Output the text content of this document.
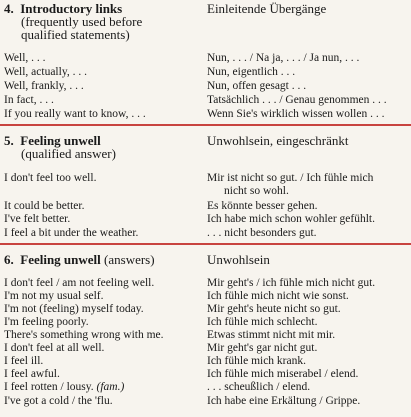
4. Introductory links
(frequently used before
qualified statements)
Einleitende Übergänge
Well, . . .	Nun, . . . / Na ja, . . . / Ja nun, . . .
Well, actually, . . .	Nun, eigentlich . . .
Well, frankly, . . .	Nun, offen gesagt . . .
In fact, . . .	Tatsächlich . . . / Genau genommen . . .
If you really want to know, . . .	Wenn Sie's wirklich wissen wollen . . .
5. Feeling unwell
(qualified answer)
Unwohlsein, eingeschränkt
I don't feel too well.	Mir ist nicht so gut. / Ich fühle mich
nicht so wohl.
It could be better.	Es könnte besser gehen.
I've felt better.	Ich habe mich schon wohler gefühlt.
I feel a bit under the weather.	. . . nicht besonders gut.
6. Feeling unwell (answers)	Unwohlsein
I don't feel / am not feeling well.	Mir geht's / ich fühle mich nicht gut.
I'm not my usual self.	Ich fühle mich nicht wie sonst.
I'm not (feeling) myself today.	Mir geht's heute nicht so gut.
I'm feeling poorly.	Ich fühle mich schlecht.
There's something wrong with me.	Etwas stimmt nicht mit mir.
I don't feel at all well.	Mir geht's gar nicht gut.
I feel ill.	Ich fühle mich krank.
I feel awful.	Ich fühle mich miserabel / elend.
I feel rotten / lousy. (fam.)	. . . scheußlich / elend.
I've got a cold / the 'flu.	Ich habe eine Erkältung / Grippe.
